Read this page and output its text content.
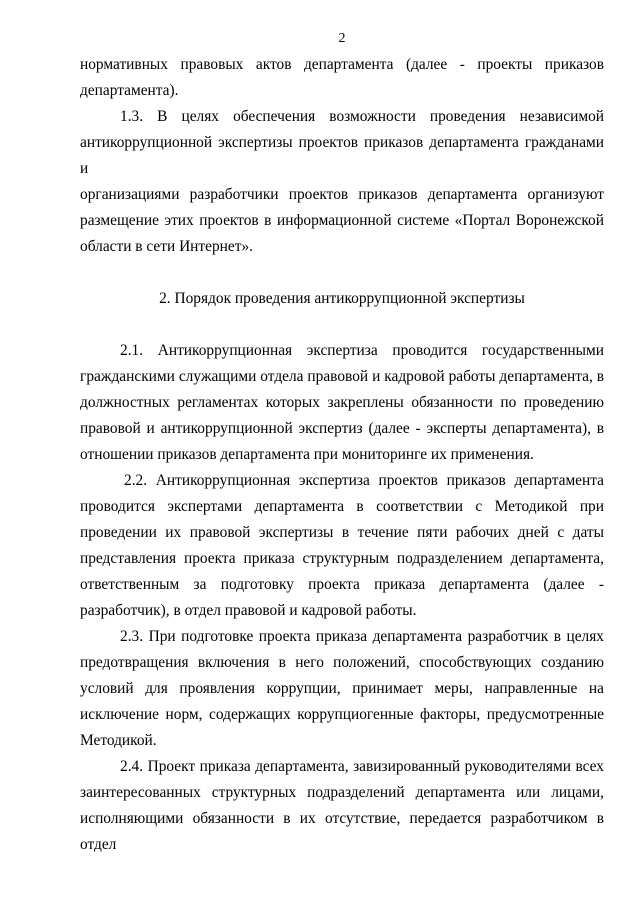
2
нормативных правовых актов департамента (далее - проекты приказов
департамента).
1.3. В целях обеспечения возможности проведения независимой
антикоррупционной экспертизы проектов приказов департамента гражданами и
организациями разработчики проектов приказов департамента организуют
размещение этих проектов в информационной системе «Портал Воронежской
области в сети Интернет».
2. Порядок проведения антикоррупционной экспертизы
2.1. Антикоррупционная экспертиза проводится государственными
гражданскими служащими отдела правовой и кадровой работы департамента, в
должностных регламентах которых закреплены обязанности по проведению
правовой и антикоррупционной экспертиз (далее - эксперты департамента), в
отношении приказов департамента при мониторинге их применения.
2.2. Антикоррупционная экспертиза проектов приказов департамента
проводится экспертами департамента в соответствии с Методикой при
проведении их правовой экспертизы в течение пяти рабочих дней с даты
представления проекта приказа структурным подразделением департамента,
ответственным за подготовку проекта приказа департамента (далее -
разработчик), в отдел правовой и кадровой работы.
2.3. При подготовке проекта приказа департамента разработчик в целях
предотвращения включения в него положений, способствующих созданию
условий для проявления коррупции, принимает меры, направленные на
исключение норм, содержащих коррупциогенные факторы, предусмотренные
Методикой.
2.4. Проект приказа департамента, завизированный руководителями всех
заинтересованных структурных подразделений департамента или лицами,
исполняющими обязанности в их отсутствие, передается разработчиком в отдел
